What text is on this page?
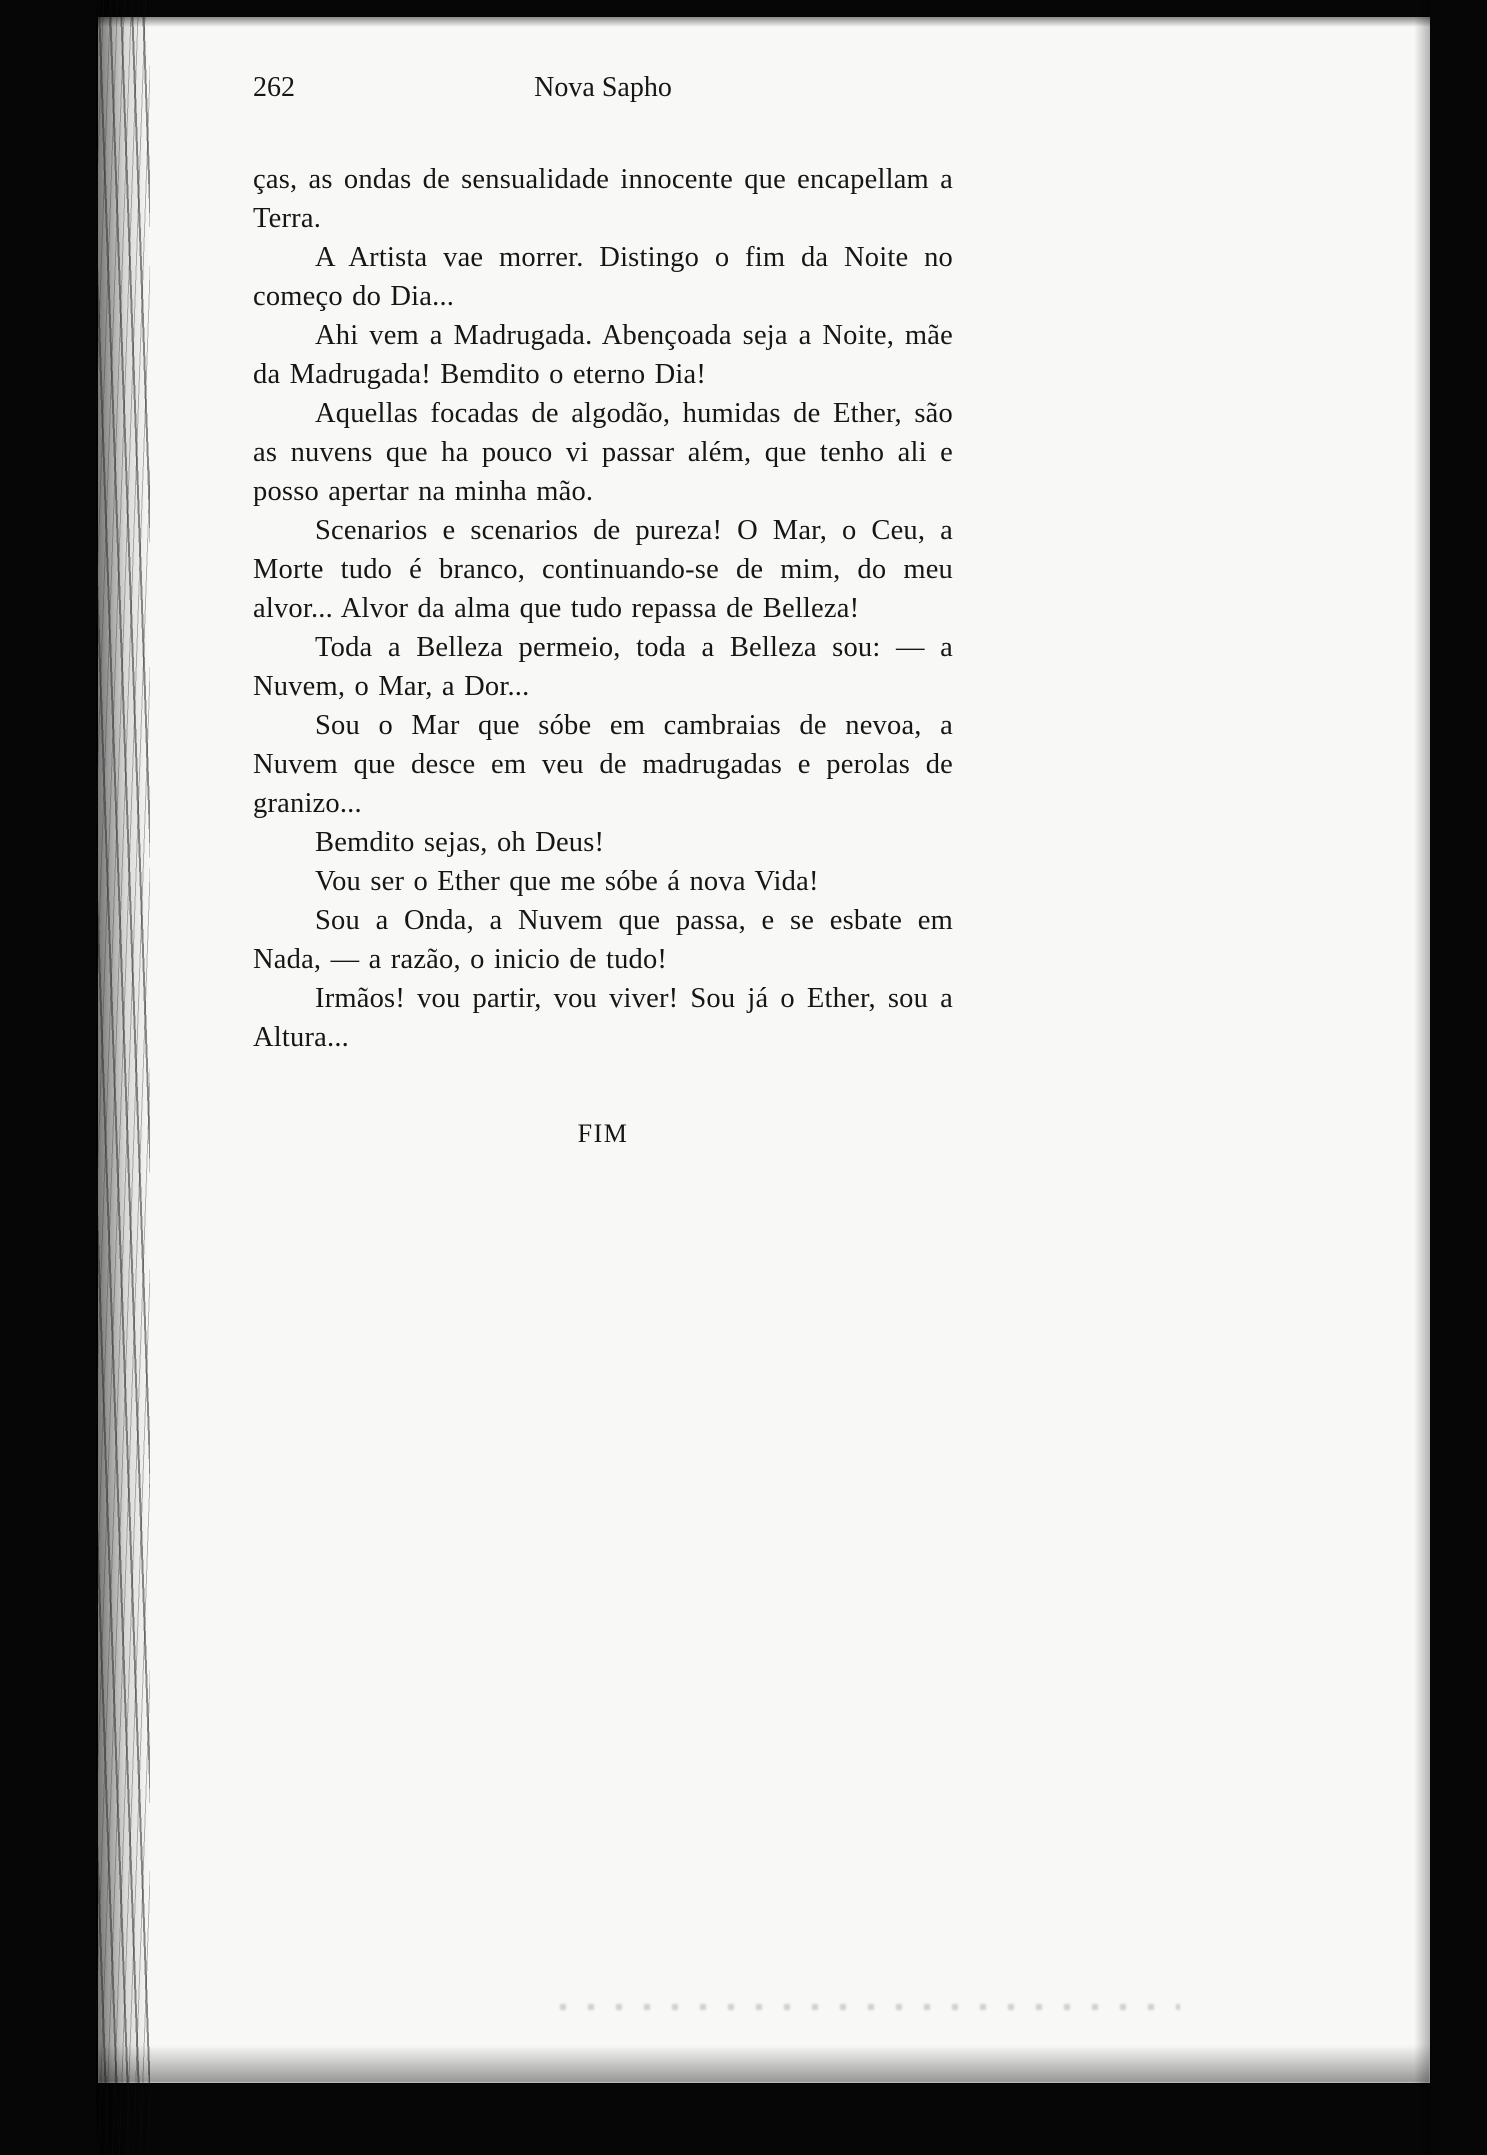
262	Nova Sapho

ças, as ondas de sensualidade innocente que encapellam a Terra.

A Artista vae morrer. Distingo o fim da Noite no começo do Dia...

Ahi vem a Madrugada. Abençoada seja a Noite, mãe da Madrugada! Bemdito o eterno Dia!

Aquellas focadas de algodão, humidas de Ether, são as nuvens que ha pouco vi passar além, que tenho ali e posso apertar na minha mão.

Scenarios e scenarios de pureza! O Mar, o Ceu, a Morte tudo é branco, continuando-se de mim, do meu alvor... Alvor da alma que tudo repassa de Belleza!

Toda a Belleza permeio, toda a Belleza sou: — a Nuvem, o Mar, a Dor...

Sou o Mar que sóbe em cambraias de nevoa, a Nuvem que desce em veu de madrugadas e perolas de granizo...

Bemdito sejas, oh Deus!

Vou ser o Ether que me sóbe á nova Vida!

Sou a Onda, a Nuvem que passa, e se esbate em Nada, — a razão, o inicio de tudo!

Irmãos! vou partir, vou viver! Sou já o Ether, sou a Altura...

FIM
